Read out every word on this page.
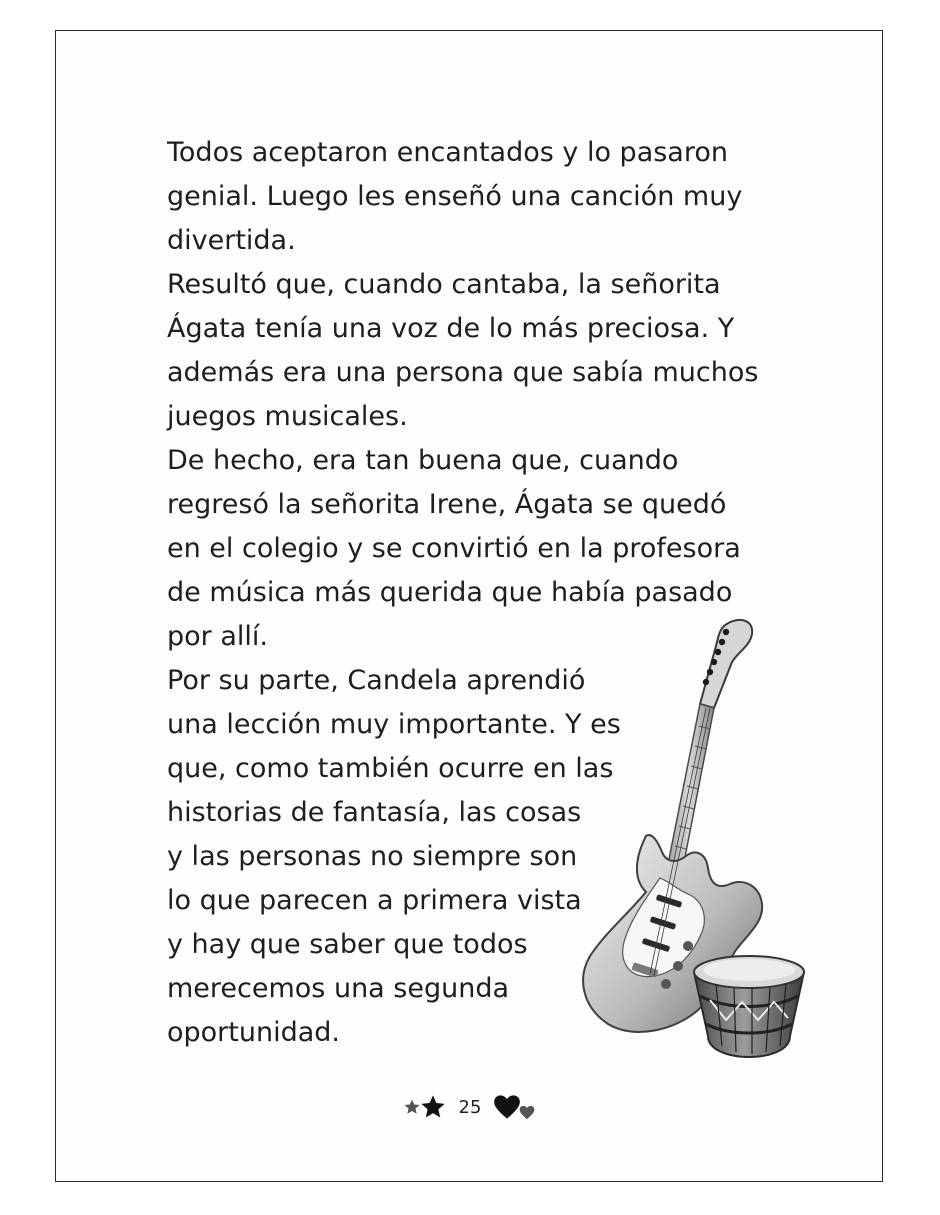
Todos aceptaron encantados y lo pasaron
genial. Luego les enseñó una canción muy
divertida.
Resultó que, cuando cantaba, la señorita
Ágata tenía una voz de lo más preciosa. Y
además era una persona que sabía muchos
juegos musicales.
De hecho, era tan buena que, cuando
regresó la señorita Irene, Ágata se quedó
en el colegio y se convirtió en la profesora
de música más querida que había pasado
por allí.
Por su parte, Candela aprendió
una lección muy importante. Y es
que, como también ocurre en las
historias de fantasía, las cosas
y las personas no siempre son
lo que parecen a primera vista
y hay que saber que todos
merecemos una segunda
oportunidad.
25
